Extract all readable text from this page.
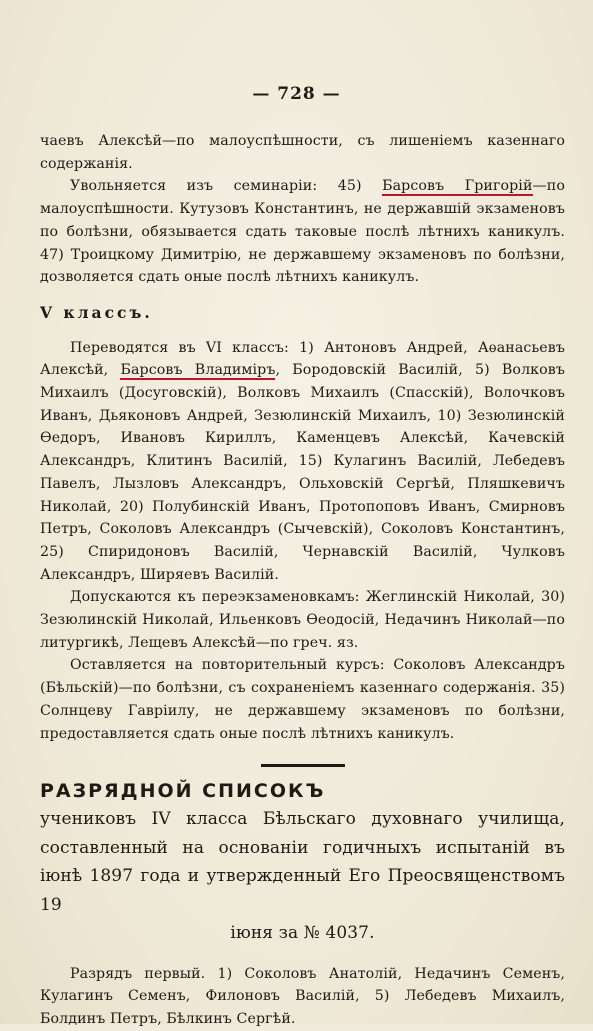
— 728 —

чаевъ Алексѣй—по малоуспѣшности, съ лишеніемъ казеннаго содержанія.

Увольняется изъ семинаріи: 45) Барсовъ Григорій—по малоуспѣшности. Кутузовъ Константинъ, не державшій экзаменовъ по болѣзни, обязывается сдать таковые послѣ лѣтнихъ каникулъ. 47) Троицкому Димитрію, не державшему экзаменовъ по болѣзни, дозволяется сдать оные послѣ лѣтнихъ каникулъ.

V классъ.

Переводятся въ VI классъ: 1) Антоновъ Андрей, Аѳанасьевъ Алексѣй, Барсовъ Владиміръ, Бородовскій Василій, 5) Волковъ Михаилъ (Досуговскій), Волковъ Михаилъ (Спасскій), Волочковъ Иванъ, Дьяконовъ Андрей, Зезюлинскій Михаилъ, 10) Зезюлинскій Ѳедоръ, Ивановъ Кириллъ, Каменцевъ Алексѣй, Качевскій Александръ, Клитинъ Василій, 15) Кулагинъ Василій, Лебедевъ Павелъ, Лызловъ Александръ, Ольховскій Сергѣй, Пляшкевичъ Николай, 20) Полубинскій Иванъ, Протопоповъ Иванъ, Смирновъ Петръ, Соколовъ Александръ (Сычевскій), Соколовъ Константинъ, 25) Спиридоновъ Василій, Чернавскій Василій, Чулковъ Александръ, Ширяевъ Василій.

Допускаются къ переэкзаменовкамъ: Жеглинскій Николай, 30) Зезюлинскій Николай, Ильенковъ Ѳеодосій, Недачинъ Николай—по литургикѣ, Лещевъ Алексѣй—по греч. яз.

Оставляется на повторительный курсъ: Соколовъ Александръ (Бѣльскій)—по болѣзни, съ сохраненіемъ казеннаго содержанія. 35) Солнцеву Гавріилу, не державшему экзаменовъ по болѣзни, предоставляется сдать оные послѣ лѣтнихъ каникулъ.

РАЗРЯДНОЙ СПИСОКЪ

учениковъ IV класса Бѣльскаго духовнаго училища, составленный на основаніи годичныхъ испытаній въ іюнѣ 1897 года и утвержденный Его Преосвященствомъ 19
іюня за № 4037.

Разрядъ первый. 1) Соколовъ Анатолій, Недачинъ Семенъ, Кулагинъ Семенъ, Филоновъ Василій, 5) Лебедевъ Михаилъ, Болдинъ Петръ, Бѣлкинъ Сергѣй.
